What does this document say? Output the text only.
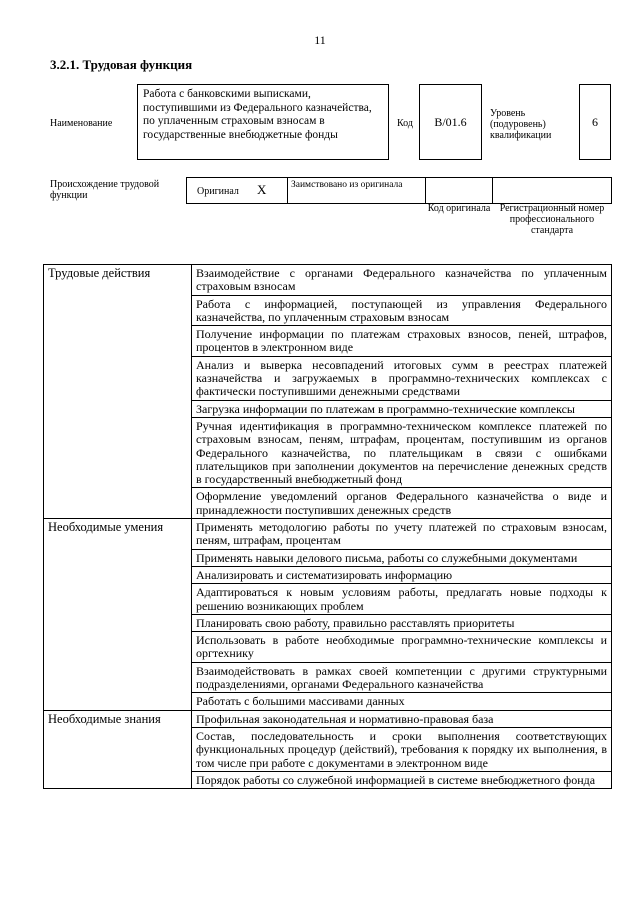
11
3.2.1. Трудовая функция
Наименование
Работа с банковскими выписками, поступившими из Федерального казначейства, по уплаченным страховым взносам в государственные внебюджетные фонды
Код	B/01.6
Уровень (подуровень) квалификации
6
Происхождение трудовой функции	Оригинал X	Заимствовано из оригинала
Код оригинала Регистрационный номер профессионального стандарта
Трудовые действия	Взаимодействие с органами Федерального казначейства по уплаченным страховым взносам
	Работа с информацией, поступающей из управления Федерального казначейства, по уплаченным страховым взносам
	Получение информации по платежам страховых взносов, пеней, штрафов, процентов в электронном виде
	Анализ и выверка несовпадений итоговых сумм в реестрах платежей казначейства и загружаемых в программно-технических комплексах с фактически поступившими денежными средствами
	Загрузка информации по платежам в программно-технические комплексы
	Ручная идентификация в программно-техническом комплексе платежей по страховым взносам, пеням, штрафам, процентам, поступившим из органов Федерального казначейства, по плательщикам в связи с ошибками плательщиков при заполнении документов на перечисление денежных средств в государственный внебюджетный фонд
	Оформление уведомлений органов Федерального казначейства о виде и принадлежности поступивших денежных средств
Необходимые умения	Применять методологию работы по учету платежей по страховым взносам, пеням, штрафам, процентам
	Применять навыки делового письма, работы со служебными документами
	Анализировать и систематизировать информацию
	Адаптироваться к новым условиям работы, предлагать новые подходы к решению возникающих проблем
	Планировать свою работу, правильно расставлять приоритеты
	Использовать в работе необходимые программно-технические комплексы и оргтехнику
	Взаимодействовать в рамках своей компетенции с другими структурными подразделениями, органами Федерального казначейства
	Работать с большими массивами данных
Необходимые знания	Профильная законодательная и нормативно-правовая база
	Состав, последовательность и сроки выполнения соответствующих функциональных процедур (действий), требования к порядку их выполнения, в том числе при работе с документами в электронном виде
	Порядок работы со служебной информацией в системе внебюджетного фонда
